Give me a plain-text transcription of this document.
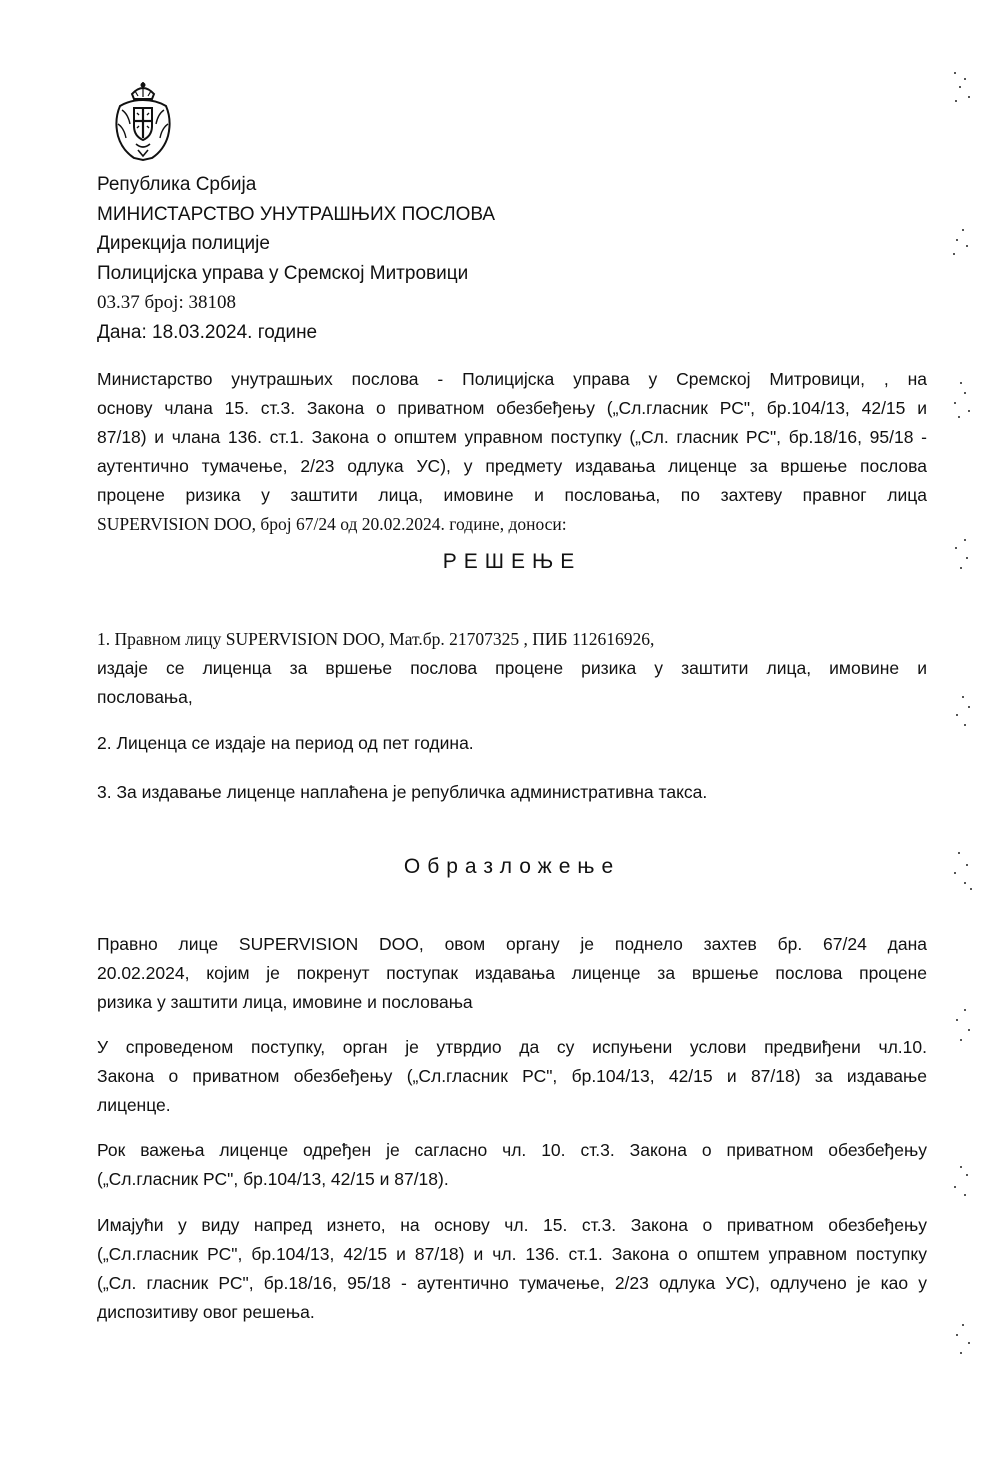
Република Србија
МИНИСТАРСТВО УНУТРАШЊИХ ПОСЛОВА
Дирекција полиције
Полицијска управа у Сремској Митровици
03.37 број: 38108
Дана: 18.03.2024. године
Министарство унутрашњих послова - Полицијска управа у Сремској Митровици, , на
основу члана 15. ст.3. Закона о приватном обезбеђењу („Сл.гласник РС", бр.104/13, 42/15 и
87/18) и члана 136. ст.1. Закона о општем управном поступку („Сл. гласник РС", бр.18/16, 95/18 -
аутентично тумачење, 2/23 одлука УС), у предмету издавања лиценце за вршење послова
процене ризика у заштити лица, имовине и пословања, по захтеву правног лица
SUPERVISION DOO, број 67/24 од 20.02.2024. године, доноси:
РЕШЕЊЕ
1. Правном лицу SUPERVISION DOO, Мат.бр. 21707325 , ПИБ 112616926,
издаје се лиценца за вршење послова процене ризика у заштити лица, имовине и
пословања,
2. Лиценца се издаје на период од пет година.
3. За издавање лиценце наплаћена је републичка административна такса.
Образложење
Правно лице SUPERVISION DOO, овом органу је поднело захтев бр. 67/24 дана
20.02.2024, којим је покренут поступак издавања лиценце за вршење послова процене
ризика у заштити лица, имовине и пословања
У спроведеном поступку, орган је утврдио да су испуњени услови предвиђени чл.10.
Закона о приватном обезбеђењу („Сл.гласник РС", бр.104/13, 42/15 и 87/18) за издавање
лиценце.
Рок важења лиценце одређен је сагласно чл. 10. ст.3. Закона о приватном обезбеђењу
(„Сл.гласник РС", бр.104/13, 42/15 и 87/18).
Имајући у виду напред изнето, на основу чл. 15. ст.3. Закона о приватном обезбеђењу
(„Сл.гласник РС", бр.104/13, 42/15 и 87/18) и чл. 136. ст.1. Закона о општем управном поступку
(„Сл. гласник РС", бр.18/16, 95/18 - аутентично тумачење, 2/23 одлука УС), одлучено је као у
диспозитиву овог решења.
